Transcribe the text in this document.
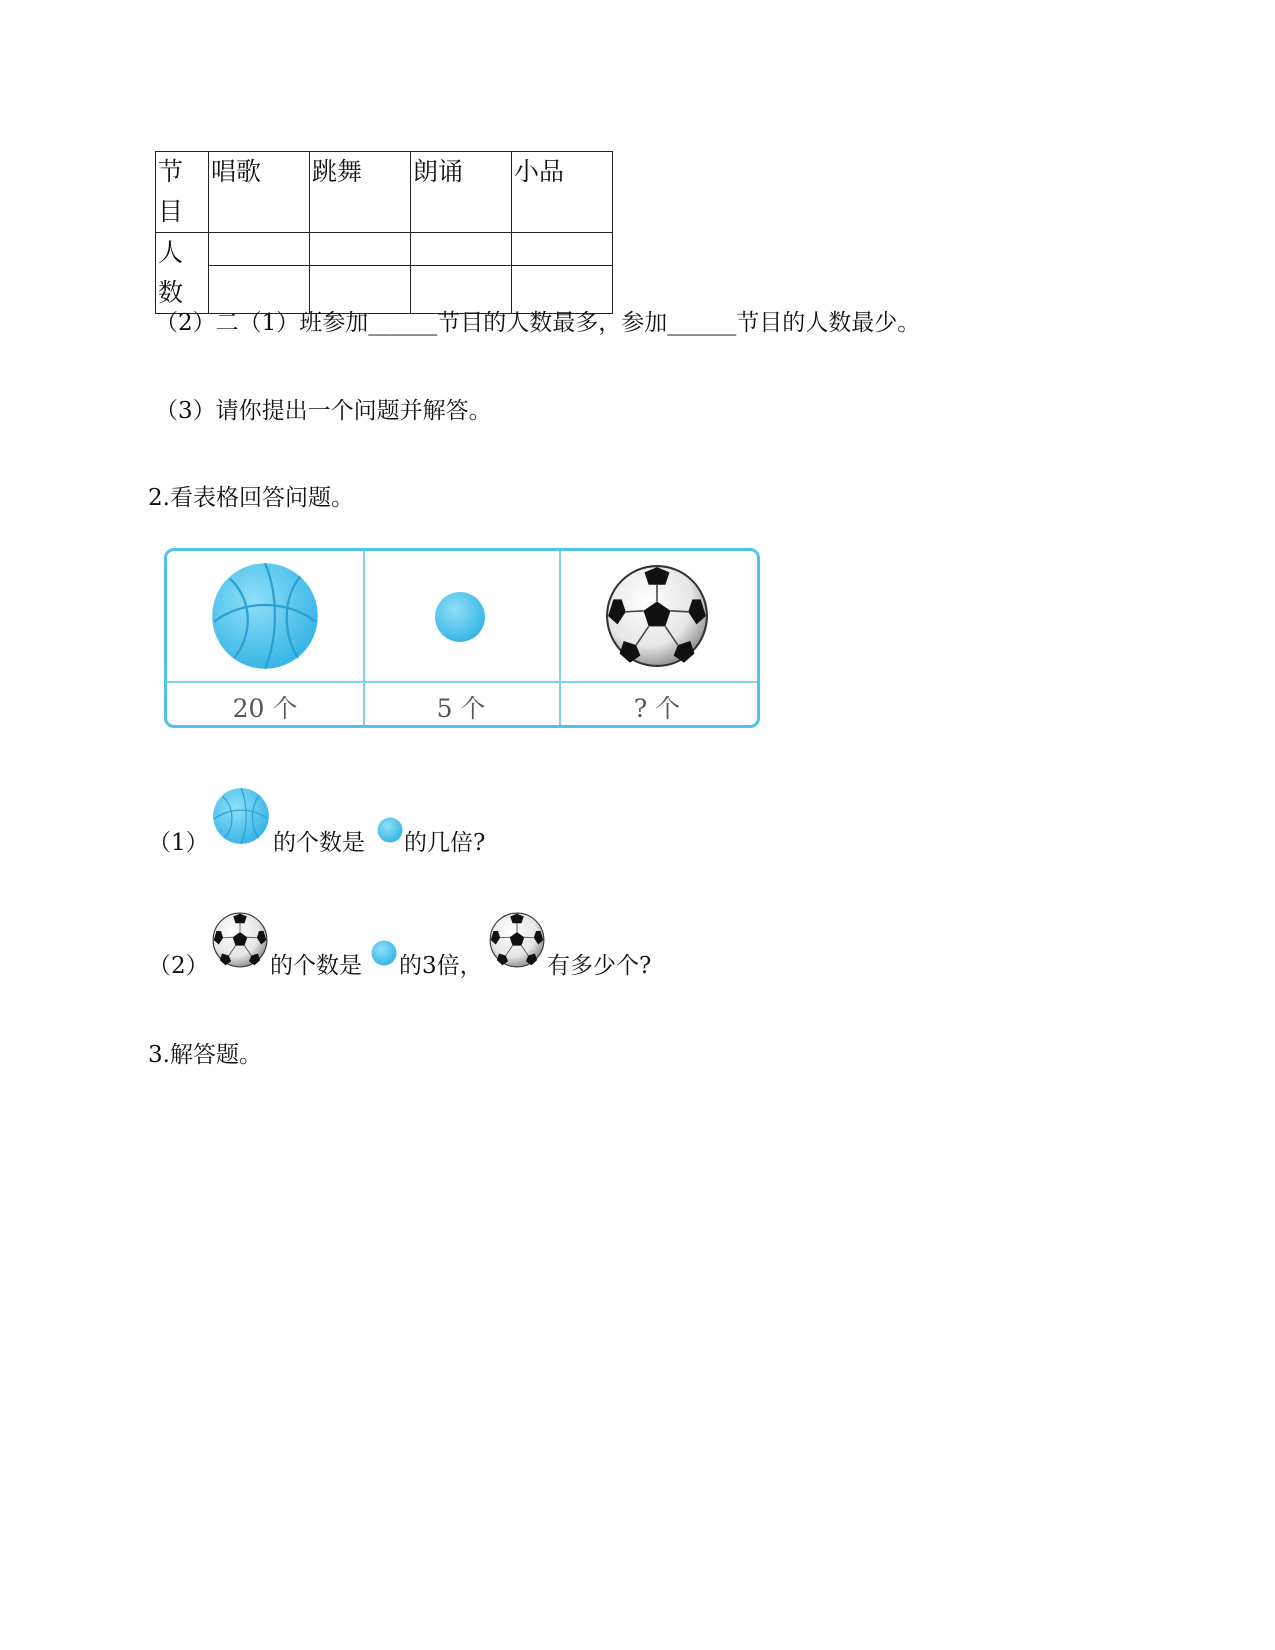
节目	唱歌	跳舞	朗诵	小品
人数	

（2）二（1）班参加______节目的人数最多，参加______节目的人数最少。
（3）请你提出一个问题并解答。
2.看表格回答问题。
20 个	5 个	? 个
（1）	的个数是 的几倍?
（2）	的个数是 的3倍，	有多少个?
3.解答题。
